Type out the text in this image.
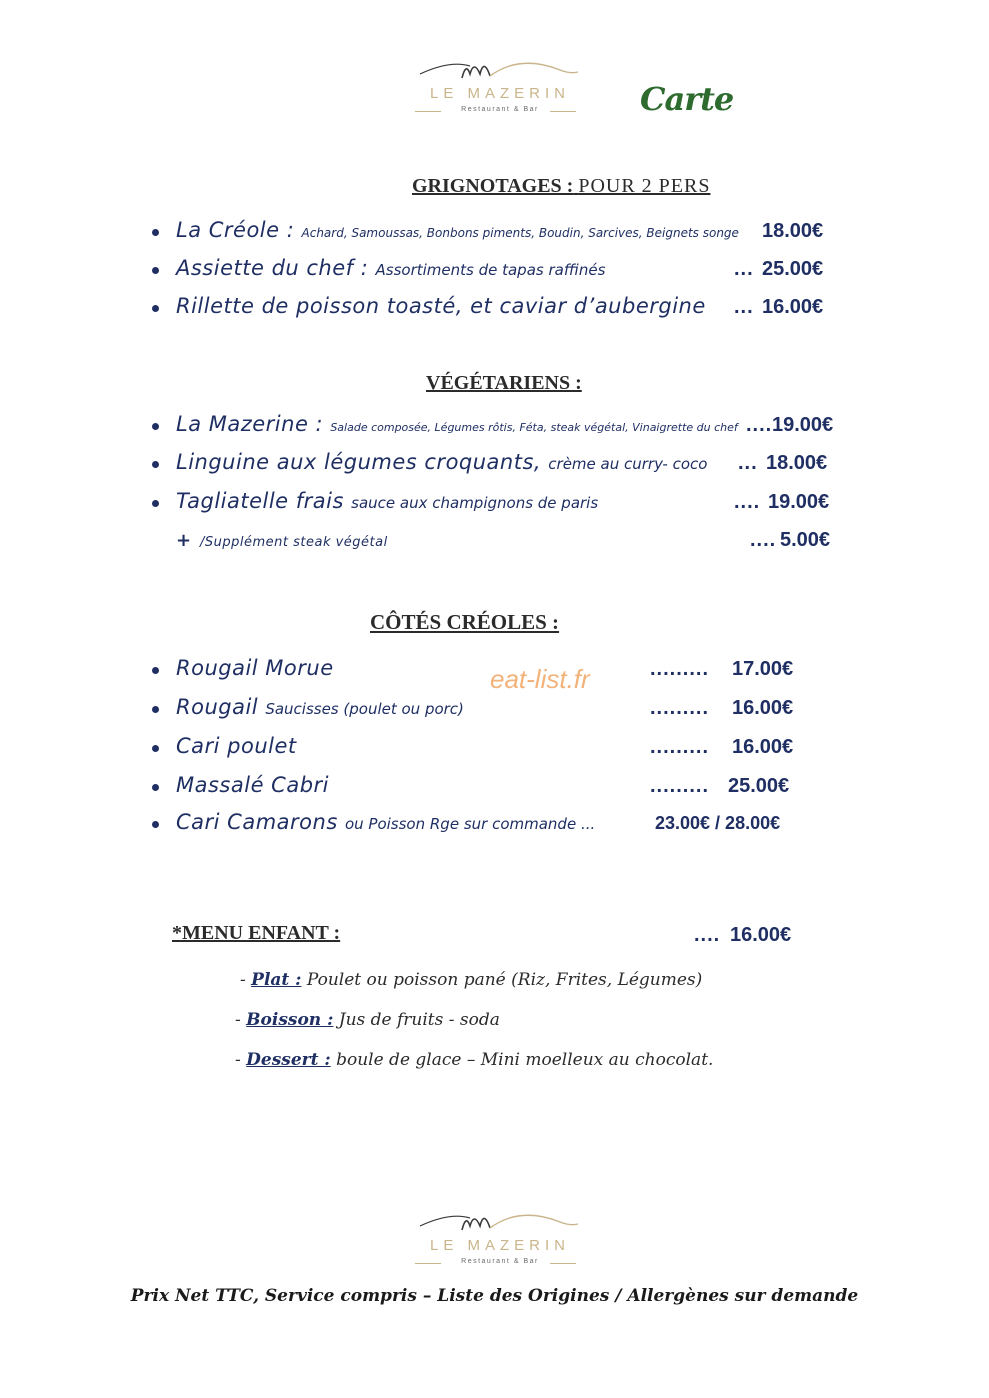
LE MAZERIN
Restaurant & Bar	Carte
GRIGNOTAGES : POUR 2 PERS
La Créole : Achard, Samoussas, Bonbons piments, Boudin, Sarcives, Beignets songe 18.00€
Assiette du chef : Assortiments de tapas raffinés	... 25.00€
Rillette de poisson toasté, et caviar d’aubergine ... 16.00€
VÉGÉTARIENS :
La Mazerine : Salade composée, Légumes rôtis, Féta, steak végétal, Vinaigrette du chef .... 19.00€
Linguine aux légumes croquants, crème au curry- coco ... 18.00€
Tagliatelle frais sauce aux champignons de paris	.... 19.00€
+ /Supplément steak végétal	.... 5.00€
CÔTÉS CRÉOLES :
eat-list.fr
Rougail Morue	......... 17.00€
Rougail Saucisses (poulet ou porc)	......... 16.00€
Cari poulet	......... 16.00€
Massalé Cabri	......... 25.00€
Cari Camarons ou Poisson Rge sur commande ...	23.00€ / 28.00€
*MENU ENFANT :	.... 16.00€
- Plat : Poulet ou poisson pané (Riz, Frites, Légumes)
- Boisson : Jus de fruits - soda
- Dessert : boule de glace – Mini moelleux au chocolat.
LE MAZERIN
Restaurant & Bar
Prix Net TTC, Service compris – Liste des Origines / Allergènes sur demande
